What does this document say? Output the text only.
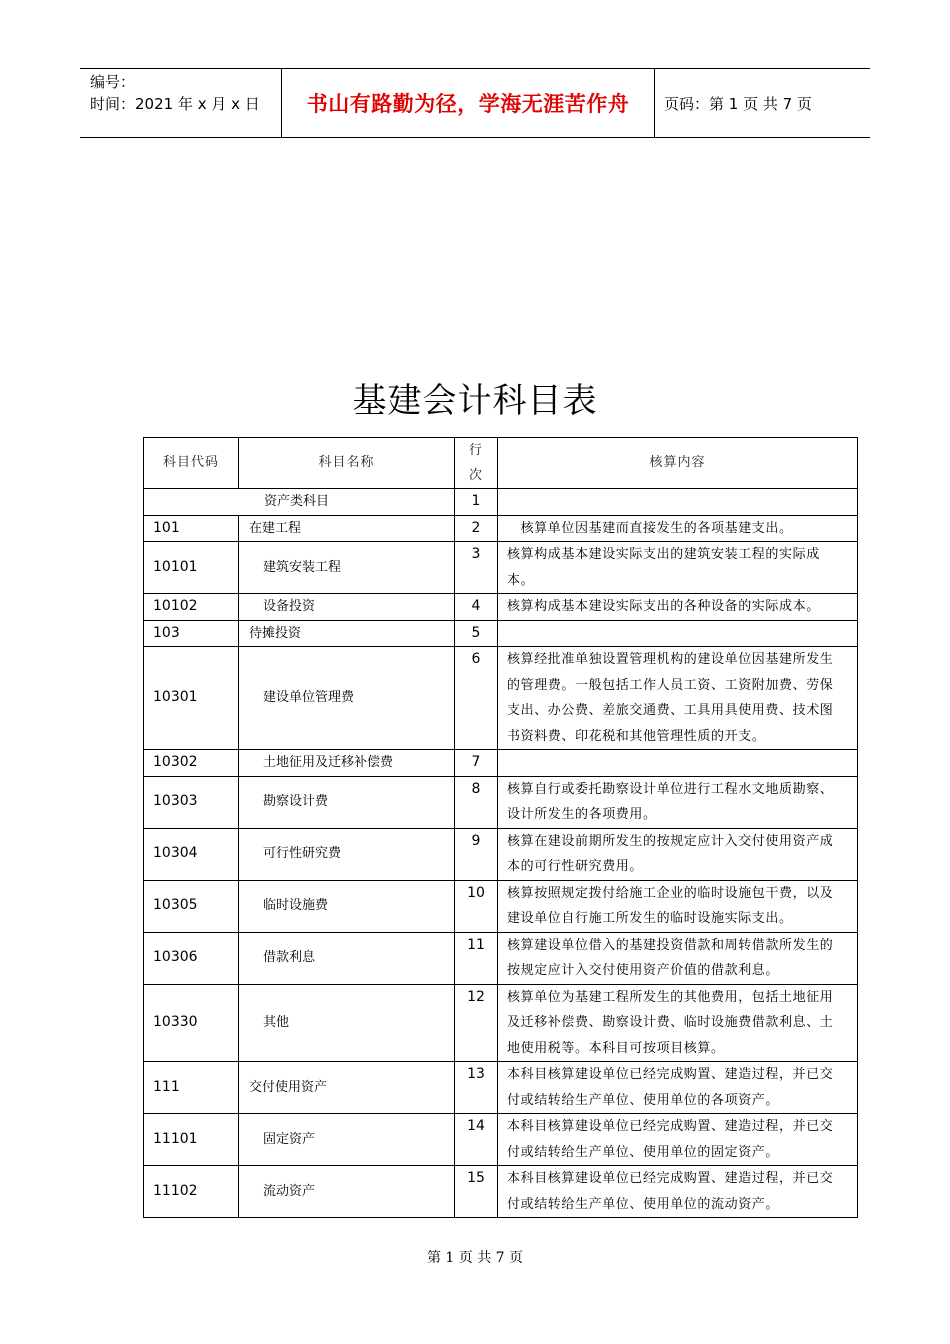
编号：
时间：2021 年 x 月 x 日	书山有路勤为径，学海无涯苦作舟	页码：第 1 页 共 7 页
基建会计科目表
科目代码	科目名称	行次	核算内容
资产类科目		1	
101	在建工程	2	　核算单位因基建而直接发生的各项基建支出。
10101	建筑安装工程	3	核算构成基本建设实际支出的建筑安装工程的实际成本。
10102	设备投资	4	核算构成基本建设实际支出的各种设备的实际成本。
103	待摊投资	5	
10301	建设单位管理费	6	核算经批准单独设置管理机构的建设单位因基建所发生的管理费。一般包括工作人员工资、工资附加费、劳保支出、办公费、差旅交通费、工具用具使用费、技术图书资料费、印花税和其他管理性质的开支。
10302	土地征用及迁移补偿费	7	
10303	勘察设计费	8	核算自行或委托勘察设计单位进行工程水文地质勘察、设计所发生的各项费用。
10304	可行性研究费	9	核算在建设前期所发生的按规定应计入交付使用资产成本的可行性研究费用。
10305	临时设施费	10	核算按照规定拨付给施工企业的临时设施包干费，以及建设单位自行施工所发生的临时设施实际支出。
10306	借款利息	11	核算建设单位借入的基建投资借款和周转借款所发生的按规定应计入交付使用资产价值的借款利息。
10330	其他	12	核算单位为基建工程所发生的其他费用，包括土地征用及迁移补偿费、勘察设计费、临时设施费借款利息、土地使用税等。本科目可按项目核算。
111	交付使用资产	13	本科目核算建设单位已经完成购置、建造过程，并已交付或结转给生产单位、使用单位的各项资产。
11101	固定资产	14	本科目核算建设单位已经完成购置、建造过程，并已交付或结转给生产单位、使用单位的固定资产。
11102	流动资产	15	本科目核算建设单位已经完成购置、建造过程，并已交付或结转给生产单位、使用单位的流动资产。
第 1 页 共 7 页
